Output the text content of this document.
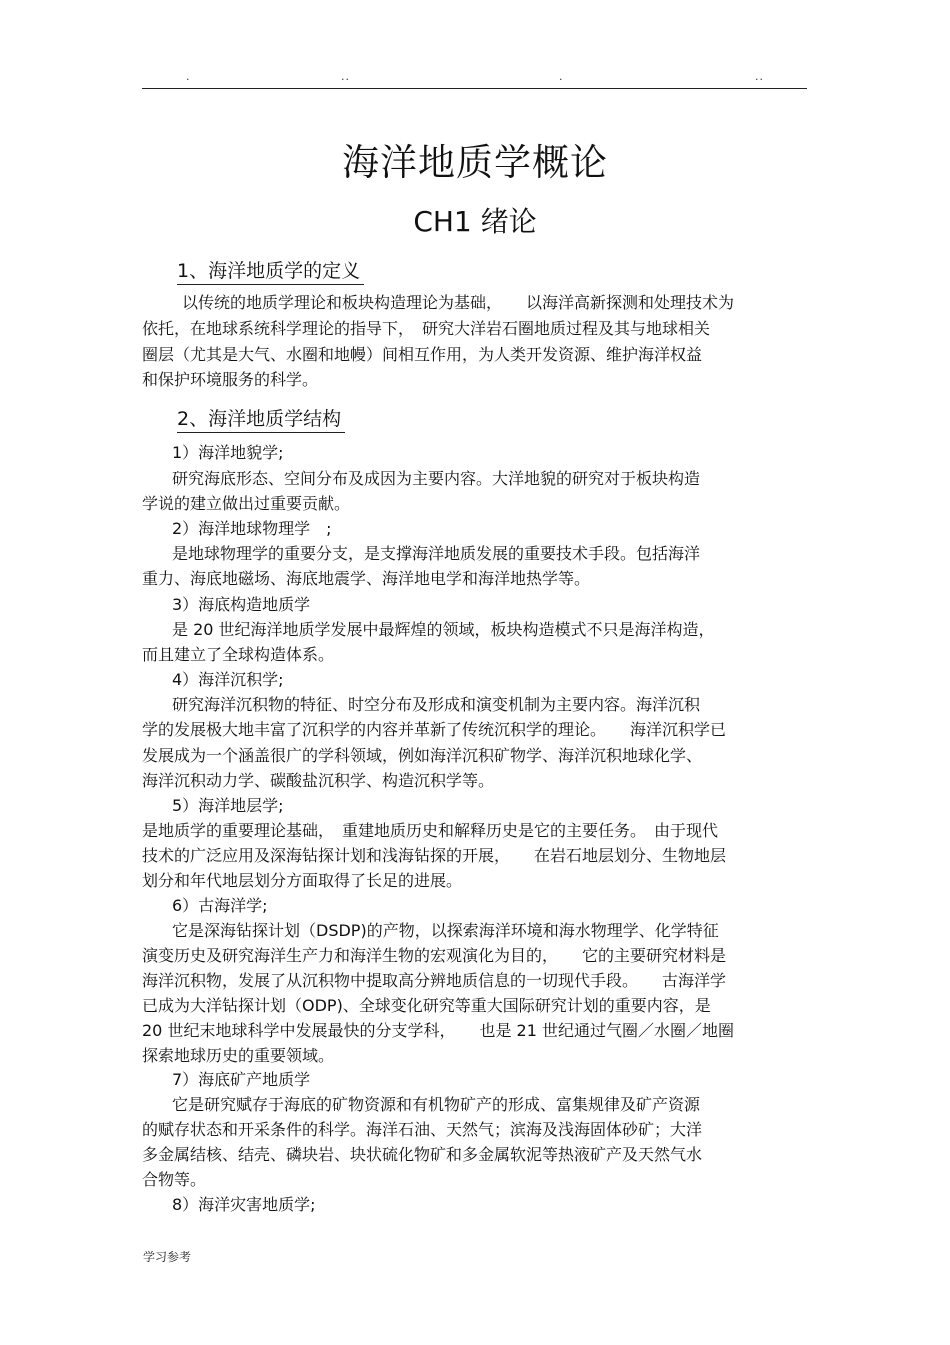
.	..	.	..
海洋地质学概论
CH1 绪论
1、海洋地质学的定义
以传统的地质学理论和板块构造理论为基础，　　以海洋高新探测和处理技术为
依托，在地球系统科学理论的指导下，　研究大洋岩石圈地质过程及其与地球相关
圈层（尤其是大气、水圈和地幔）间相互作用，为人类开发资源、维护海洋权益
和保护环境服务的科学。
2、海洋地质学结构
1）海洋地貌学;
研究海底形态、空间分布及成因为主要内容。大洋地貌的研究对于板块构造
学说的建立做出过重要贡献。
2）海洋地球物理学　;
是地球物理学的重要分支，是支撑海洋地质发展的重要技术手段。包括海洋
重力、海底地磁场、海底地震学、海洋地电学和海洋地热学等。
3）海底构造地质学
是 20 世纪海洋地质学发展中最辉煌的领域，板块构造模式不只是海洋构造，
而且建立了全球构造体系。
4）海洋沉积学;
研究海洋沉积物的特征、时空分布及形成和演变机制为主要内容。海洋沉积
学的发展极大地丰富了沉积学的内容并革新了传统沉积学的理论。　　海洋沉积学已
发展成为一个涵盖很广的学科领域，例如海洋沉积矿物学、海洋沉积地球化学、
海洋沉积动力学、碳酸盐沉积学、构造沉积学等。
5）海洋地层学;
是地质学的重要理论基础，　重建地质历史和解释历史是它的主要任务。　由于现代
技术的广泛应用及深海钻探计划和浅海钻探的开展，　　在岩石地层划分、生物地层
划分和年代地层划分方面取得了长足的进展。
6）古海洋学;
它是深海钻探计划（DSDP)的产物，以探索海洋环境和海水物理学、化学特征
演变历史及研究海洋生产力和海洋生物的宏观演化为目的，　　它的主要研究材料是
海洋沉积物，发展了从沉积物中提取高分辨地质信息的一切现代手段。　　古海洋学
已成为大洋钻探计划（ODP)、全球变化研究等重大国际研究计划的重要内容，是
20 世纪末地球科学中发展最快的分支学科，　　也是 21 世纪通过气圈／水圈／地圈
探索地球历史的重要领域。
7）海底矿产地质学
它是研究赋存于海底的矿物资源和有机物矿产的形成、富集规律及矿产资源
的赋存状态和开采条件的科学。海洋石油、天然气；滨海及浅海固体砂矿；大洋
多金属结核、结壳、磷块岩、块状硫化物矿和多金属软泥等热液矿产及天然气水
合物等。
8）海洋灾害地质学;
学习参考
